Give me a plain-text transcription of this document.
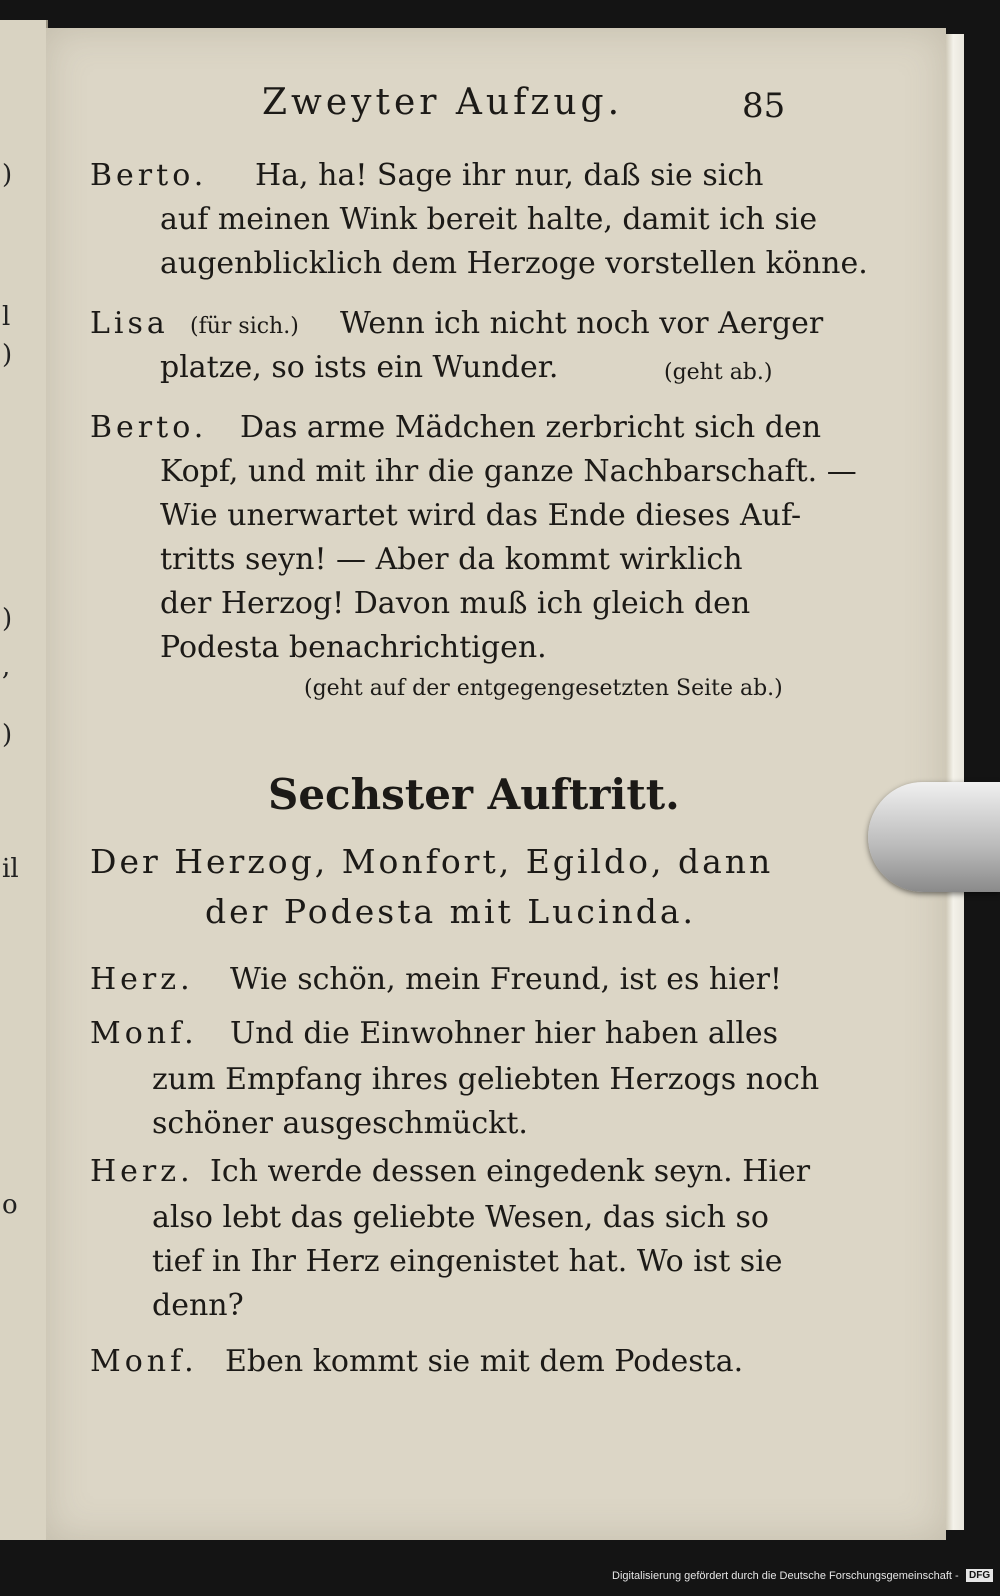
)
)
l
)
,
)
il
o
Zweyter Aufzug.	85
Berto. Ha, ha! Sage ihr nur, daß sie sich
auf meinen Wink bereit halte, damit ich sie
augenblicklich dem Herzoge vorstellen könne.
Lisa (für sich.) Wenn ich nicht noch vor Aerger
platze, so ists ein Wunder.	(geht ab.)
Berto. Das arme Mädchen zerbricht sich den
Kopf, und mit ihr die ganze Nachbarschaft. —
Wie unerwartet wird das Ende dieses Auf-
tritts seyn! — Aber da kommt wirklich
der Herzog! Davon muß ich gleich den
Podesta benachrichtigen.
(geht auf der entgegengesetzten Seite ab.)
Sechster Auftritt.
Der Herzog, Monfort, Egildo, dann
der Podesta mit Lucinda.
Herz. Wie schön, mein Freund, ist es hier!
Monf. Und die Einwohner hier haben alles
zum Empfang ihres geliebten Herzogs noch
schöner ausgeschmückt.
Herz. Ich werde dessen eingedenk seyn. Hier
also lebt das geliebte Wesen, das sich so
tief in Ihr Herz eingenistet hat. Wo ist sie
denn?
Monf. Eben kommt sie mit dem Podesta.
Digitalisierung gefördert durch die Deutsche Forschungsgemeinschaft -	DFG
